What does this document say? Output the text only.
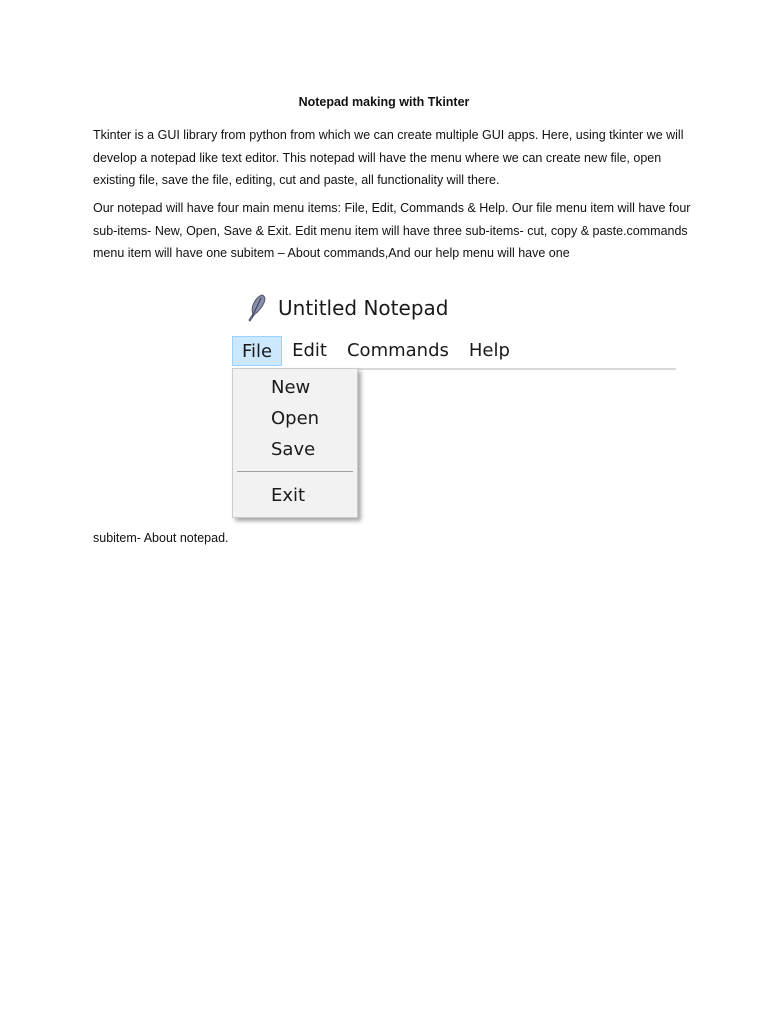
Notepad making with Tkinter

Tkinter is a GUI library from python from which we can create multiple GUI apps. Here, using tkinter we will develop a notepad like text editor. This notepad will have the menu where we can create new file, open existing file, save the file, editing, cut and paste, all functionality will there.

Our notepad will have four main menu items: File, Edit, Commands & Help. Our file menu item will have four sub-items- New, Open, Save & Exit. Edit menu item will have three sub-items- cut, copy & paste.commands menu item will have one subitem – About commands,And our help menu will have one

Untitled Notepad
File	Edit	Commands	Help
New
Open
Save
Exit

subitem- About notepad.
